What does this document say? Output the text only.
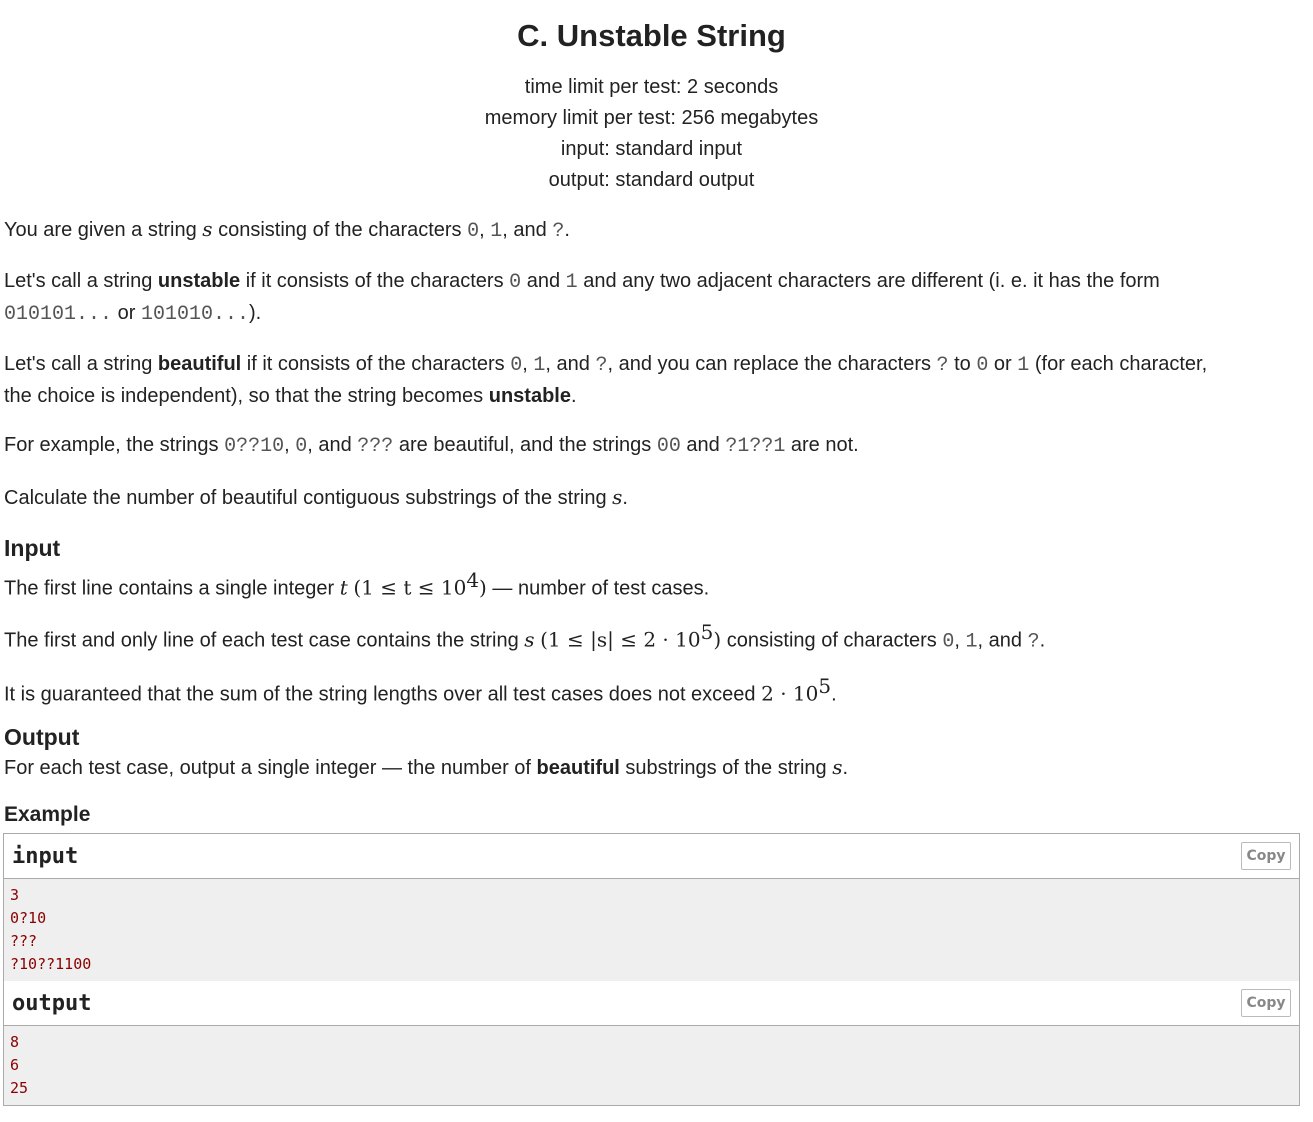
C. Unstable String
time limit per test: 2 seconds
memory limit per test: 256 megabytes
input: standard input
output: standard output
You are given a string s consisting of the characters 0, 1, and ?.
Let's call a string unstable if it consists of the characters 0 and 1 and any two adjacent characters are different (i. e. it has the form
010101... or 101010...).
Let's call a string beautiful if it consists of the characters 0, 1, and ?, and you can replace the characters ? to 0 or 1 (for each character,
the choice is independent), so that the string becomes unstable.
For example, the strings 0??10, 0, and ??? are beautiful, and the strings 00 and ?1??1 are not.
Calculate the number of beautiful contiguous substrings of the string s.
Input
The first line contains a single integer t $(1 \le t \le 10^4)$ — number of test cases.
The first and only line of each test case contains the string s $(1 \le |s| \le 2 \cdot 10^5)$ consisting of characters 0, 1, and ?.
It is guaranteed that the sum of the string lengths over all test cases does not exceed $2 \cdot 10^5$.
Output
For each test case, output a single integer — the number of beautiful substrings of the string s.
Example
input	Copy
3
0?10
???
?10??1100
output	Copy
8
6
25
